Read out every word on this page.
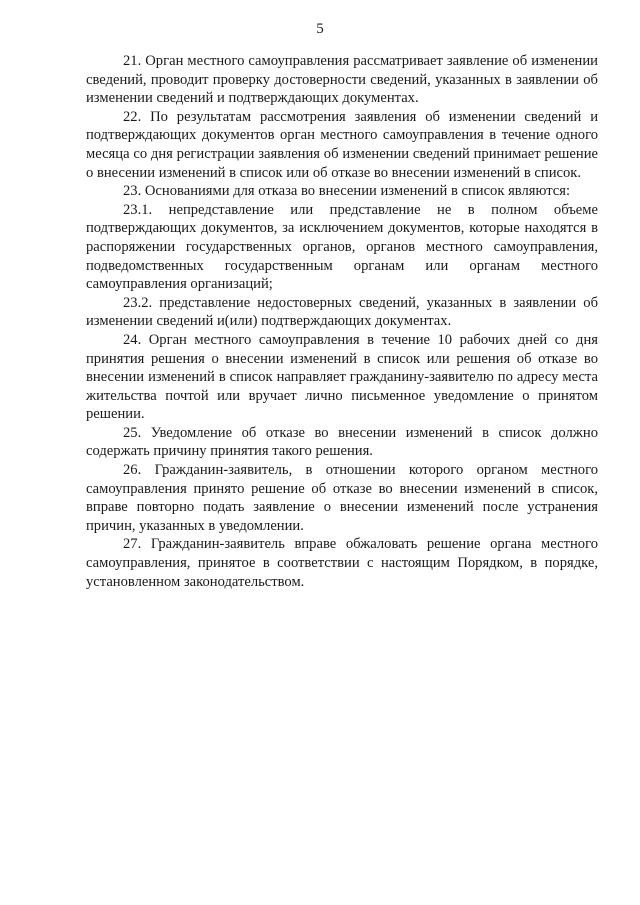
5

21. Орган местного самоуправления рассматривает заявление об изменении сведений, проводит проверку достоверности сведений, указанных в заявлении об изменении сведений и подтверждающих документах.

22. По результатам рассмотрения заявления об изменении сведений и подтверждающих документов орган местного самоуправления в течение одного месяца со дня регистрации заявления об изменении сведений принимает решение о внесении изменений в список или об отказе во внесении изменений в список.

23. Основаниями для отказа во внесении изменений в список являются:

23.1. непредставление или представление не в полном объеме подтверждающих документов, за исключением документов, которые находятся в распоряжении государственных органов, органов местного самоуправления, подведомственных государственным органам или органам местного самоуправления организаций;

23.2. представление недостоверных сведений, указанных в заявлении об изменении сведений и(или) подтверждающих документах.

24. Орган местного самоуправления в течение 10 рабочих дней со дня принятия решения о внесении изменений в список или решения об отказе во внесении изменений в список направляет гражданину-заявителю по адресу места жительства почтой или вручает лично письменное уведомление о принятом решении.

25. Уведомление об отказе во внесении изменений в список должно содержать причину принятия такого решения.

26. Гражданин-заявитель, в отношении которого органом местного самоуправления принято решение об отказе во внесении изменений в список, вправе повторно подать заявление о внесении изменений после устранения причин, указанных в уведомлении.

27. Гражданин-заявитель вправе обжаловать решение органа местного самоуправления, принятое в соответствии с настоящим Порядком, в порядке, установленном законодательством.
